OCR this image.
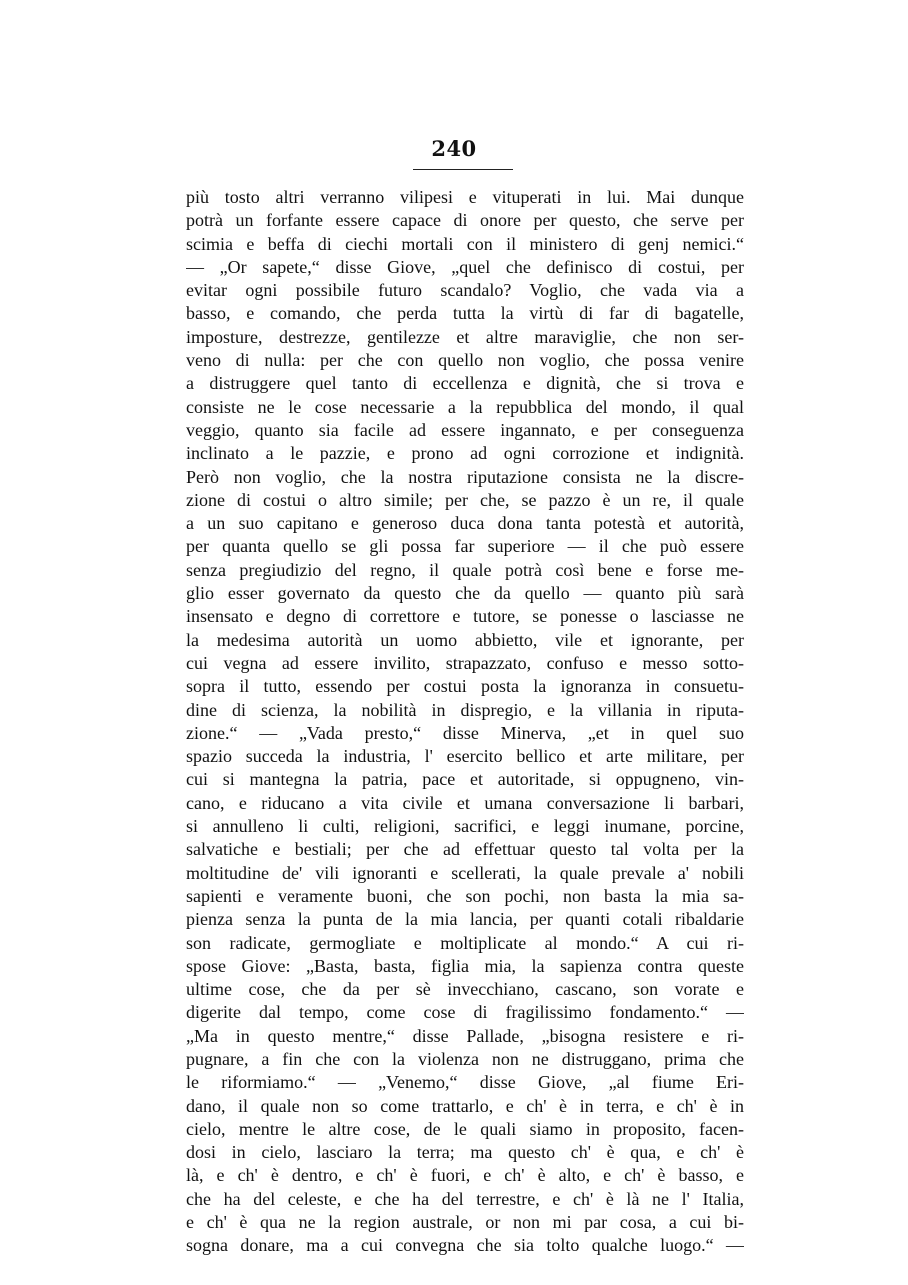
240
più tosto altri verranno vilipesi e vituperati in lui. Mai dunque
potrà un forfante essere capace di onore per questo, che serve per
scimia e beffa di ciechi mortali con il ministero di genj nemici.“
— „Or sapete,“ disse Giove, „quel che definisco di costui, per
evitar ogni possibile futuro scandalo? Voglio, che vada via a
basso, e comando, che perda tutta la virtù di far di bagatelle,
imposture, destrezze, gentilezze et altre maraviglie, che non ser-
veno di nulla: per che con quello non voglio, che possa venire
a distruggere quel tanto di eccellenza e dignità, che si trova e
consiste ne le cose necessarie a la repubblica del mondo, il qual
veggio, quanto sia facile ad essere ingannato, e per conseguenza
inclinato a le pazzie, e prono ad ogni corrozione et indignità.
Però non voglio, che la nostra riputazione consista ne la discre-
zione di costui o altro simile; per che, se pazzo è un re, il quale
a un suo capitano e generoso duca dona tanta potestà et autorità,
per quanta quello se gli possa far superiore — il che può essere
senza pregiudizio del regno, il quale potrà così bene e forse me-
glio esser governato da questo che da quello — quanto più sarà
insensato e degno di correttore e tutore, se ponesse o lasciasse ne
la medesima autorità un uomo abbietto, vile et ignorante, per
cui vegna ad essere invilito, strapazzato, confuso e messo sotto-
sopra il tutto, essendo per costui posta la ignoranza in consuetu-
dine di scienza, la nobilità in dispregio, e la villania in riputa-
zione.“ — „Vada presto,“ disse Minerva, „et in quel suo
spazio succeda la industria, l' esercito bellico et arte militare, per
cui si mantegna la patria, pace et autoritade, si oppugneno, vin-
cano, e riducano a vita civile et umana conversazione li barbari,
si annulleno li culti, religioni, sacrifici, e leggi inumane, porcine,
salvatiche e bestiali; per che ad effettuar questo tal volta per la
moltitudine de' vili ignoranti e scellerati, la quale prevale a' nobili
sapienti e veramente buoni, che son pochi, non basta la mia sa-
pienza senza la punta de la mia lancia, per quanti cotali ribaldarie
son radicate, germogliate e moltiplicate al mondo.“ A cui ri-
spose Giove: „Basta, basta, figlia mia, la sapienza contra queste
ultime cose, che da per sè invecchiano, cascano, son vorate e
digerite dal tempo, come cose di fragilissimo fondamento.“ —
„Ma in questo mentre,“ disse Pallade, „bisogna resistere e ri-
pugnare, a fin che con la violenza non ne distruggano, prima che
le riformiamo.“ — „Venemo,“ disse Giove, „al fiume Eri-
dano, il quale non so come trattarlo, e ch' è in terra, e ch' è in
cielo, mentre le altre cose, de le quali siamo in proposito, facen-
dosi in cielo, lasciaro la terra; ma questo ch' è qua, e ch' è
là, e ch' è dentro, e ch' è fuori, e ch' è alto, e ch' è basso, e
che ha del celeste, e che ha del terrestre, e ch' è là ne l' Italia,
e ch' è qua ne la region australe, or non mi par cosa, a cui bi-
sogna donare, ma a cui convegna che sia tolto qualche luogo.“ —
